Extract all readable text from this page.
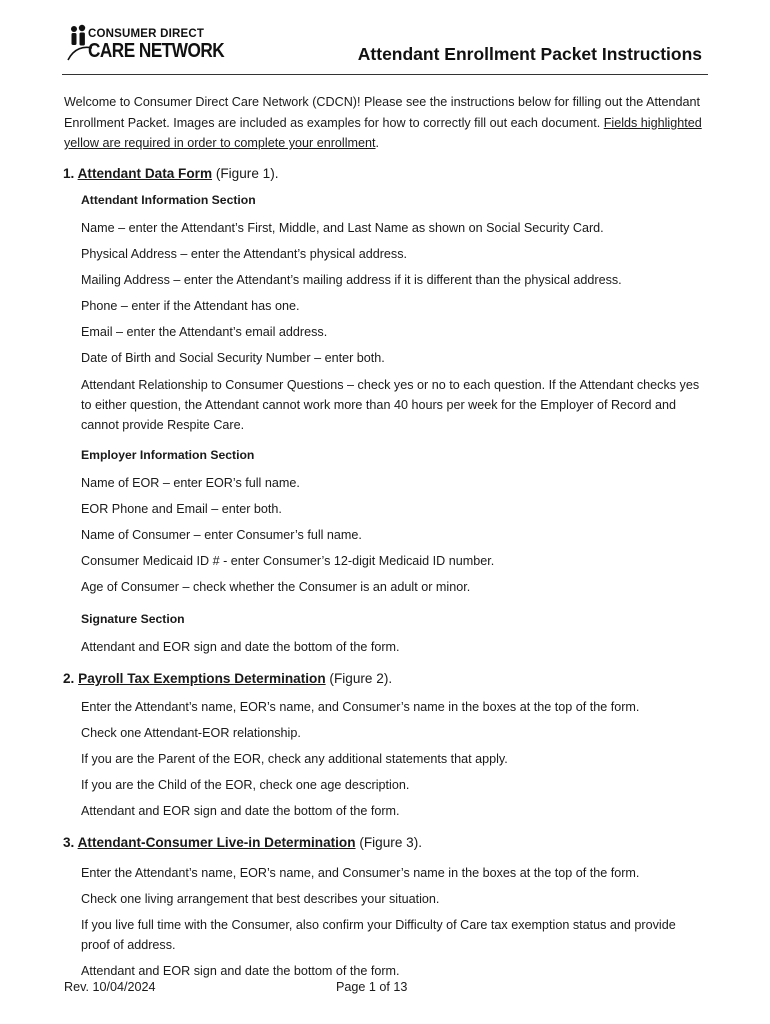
CONSUMER DIRECT
CARE NETWORK	Attendant Enrollment Packet Instructions
Welcome to Consumer Direct Care Network (CDCN)! Please see the instructions below for filling out the Attendant Enrollment Packet. Images are included as examples for how to correctly fill out each document. Fields highlighted yellow are required in order to complete your enrollment.
1. Attendant Data Form (Figure 1).
Attendant Information Section
Name – enter the Attendant’s First, Middle, and Last Name as shown on Social Security Card.
Physical Address – enter the Attendant’s physical address.
Mailing Address – enter the Attendant’s mailing address if it is different than the physical address.
Phone – enter if the Attendant has one.
Email – enter the Attendant’s email address.
Date of Birth and Social Security Number – enter both.
Attendant Relationship to Consumer Questions – check yes or no to each question. If the Attendant checks yes to either question, the Attendant cannot work more than 40 hours per week for the Employer of Record and cannot provide Respite Care.
Employer Information Section
Name of EOR – enter EOR’s full name.
EOR Phone and Email – enter both.
Name of Consumer – enter Consumer’s full name.
Consumer Medicaid ID # - enter Consumer’s 12-digit Medicaid ID number.
Age of Consumer – check whether the Consumer is an adult or minor.
Signature Section
Attendant and EOR sign and date the bottom of the form.
2. Payroll Tax Exemptions Determination (Figure 2).
Enter the Attendant’s name, EOR’s name, and Consumer’s name in the boxes at the top of the form.
Check one Attendant-EOR relationship.
If you are the Parent of the EOR, check any additional statements that apply.
If you are the Child of the EOR, check one age description.
Attendant and EOR sign and date the bottom of the form.
3. Attendant-Consumer Live-in Determination (Figure 3).
Enter the Attendant’s name, EOR’s name, and Consumer’s name in the boxes at the top of the form.
Check one living arrangement that best describes your situation.
If you live full time with the Consumer, also confirm your Difficulty of Care tax exemption status and provide proof of address.
Attendant and EOR sign and date the bottom of the form.
Rev. 10/04/2024	Page 1 of 13
